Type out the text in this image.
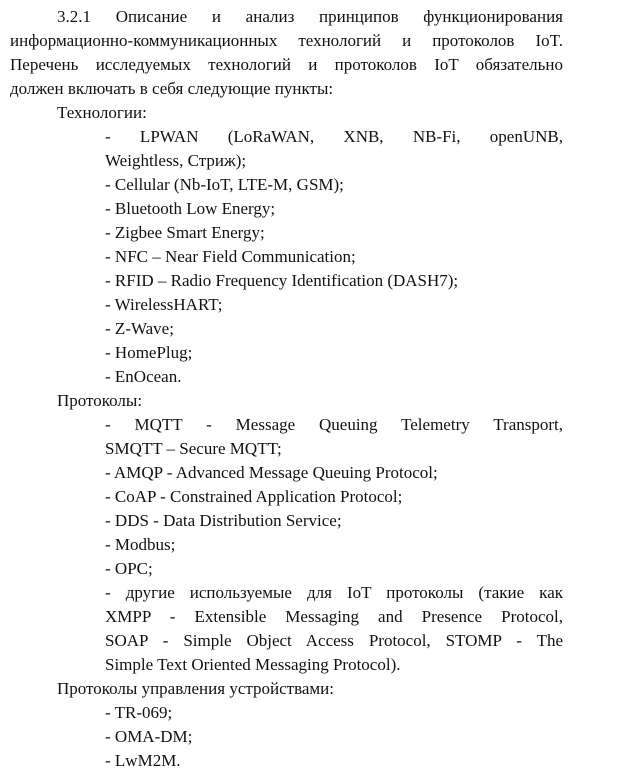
3.2.1 Описание и анализ принципов функционирования
информационно-коммуникационных технологий и протоколов IoT.
Перечень исследуемых технологий и протоколов IoT обязательно
должен включать в себя следующие пункты:
Технологии:
- LPWAN (LoRaWAN, XNB, NB-Fi, openUNB,
Weightless, Стриж);
- Cellular (Nb-IoT, LTE-M, GSM);
- Bluetooth Low Energy;
- Zigbee Smart Energy;
- NFC – Near Field Communication;
- RFID – Radio Frequency Identification (DASH7);
- WirelessHART;
- Z-Wave;
- HomePlug;
- EnOcean.
Протоколы:
- MQTT - Message Queuing Telemetry Transport,
SMQTT – Secure MQTT;
- AMQP - Advanced Message Queuing Protocol;
- CoAP - Constrained Application Protocol;
- DDS - Data Distribution Service;
- Modbus;
- OPC;
- другие используемые для IoT протоколы (такие как
XMPP - Extensible Messaging and Presence Protocol,
SOAP - Simple Object Access Protocol, STOMP - The
Simple Text Oriented Messaging Protocol).
Протоколы управления устройствами:
- TR-069;
- OMA-DM;
- LwM2M.
